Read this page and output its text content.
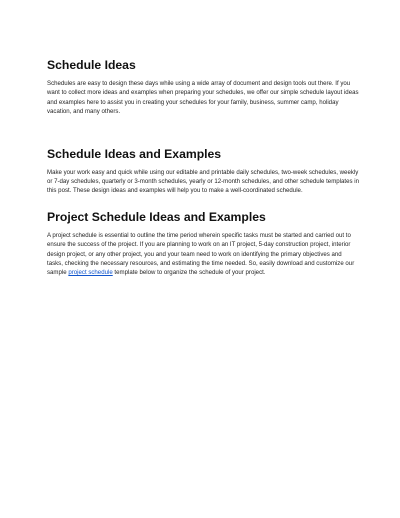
Schedule Ideas

Schedules are easy to design these days while using a wide array of document and design tools out there. If you want to collect more ideas and examples when preparing your schedules, we offer our simple schedule layout ideas and examples here to assist you in creating your schedules for your family, business, summer camp, holiday vacation, and many others.

Schedule Ideas and Examples

Make your work easy and quick while using our editable and printable daily schedules, two-week schedules, weekly or 7-day schedules, quarterly or 3-month schedules, yearly or 12-month schedules, and other schedule templates in this post. These design ideas and examples will help you to make a well-coordinated schedule.

Project Schedule Ideas and Examples

A project schedule is essential to outline the time period wherein specific tasks must be started and carried out to ensure the success of the project. If you are planning to work on an IT project, 5-day construction project, interior design project, or any other project, you and your team need to work on identifying the primary objectives and tasks, checking the necessary resources, and estimating the time needed. So, easily download and customize our sample project schedule template below to organize the schedule of your project.
